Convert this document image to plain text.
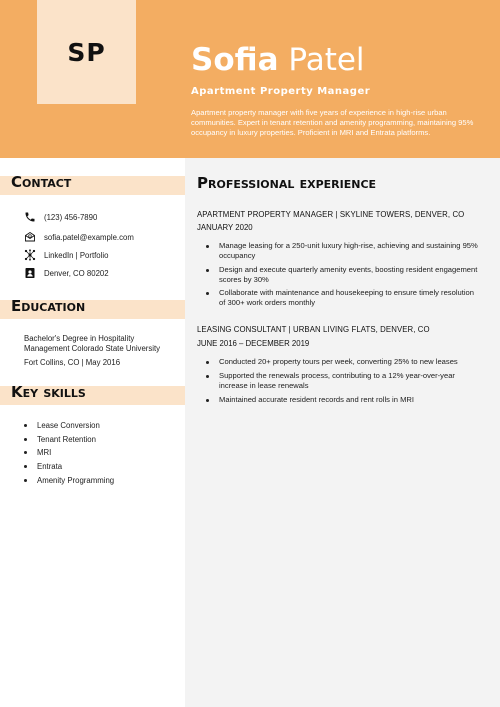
SP	Sofia Patel
Apartment Property Manager
Apartment property manager with five years of experience in high-rise urban communities. Expert in tenant retention and amenity programming, maintaining 95% occupancy in luxury properties. Proficient in MRI and Entrata platforms.
Contact
(123) 456-7890
sofia.patel@example.com
LinkedIn | Portfolio
Denver, CO 80202
Education
Bachelor's Degree in Hospitality Management Colorado State University
Fort Collins, CO | May 2016
Key skills
Lease Conversion
Tenant Retention
MRI
Entrata
Amenity Programming
Professional experience
APARTMENT PROPERTY MANAGER | SKYLINE TOWERS, DENVER, CO
JANUARY 2020
Manage leasing for a 250-unit luxury high-rise, achieving and sustaining 95% occupancy
Design and execute quarterly amenity events, boosting resident engagement scores by 30%
Collaborate with maintenance and housekeeping to ensure timely resolution of 300+ work orders monthly
LEASING CONSULTANT | URBAN LIVING FLATS, DENVER, CO
JUNE 2016 – DECEMBER 2019
Conducted 20+ property tours per week, converting 25% to new leases
Supported the renewals process, contributing to a 12% year-over-year increase in lease renewals
Maintained accurate resident records and rent rolls in MRI
